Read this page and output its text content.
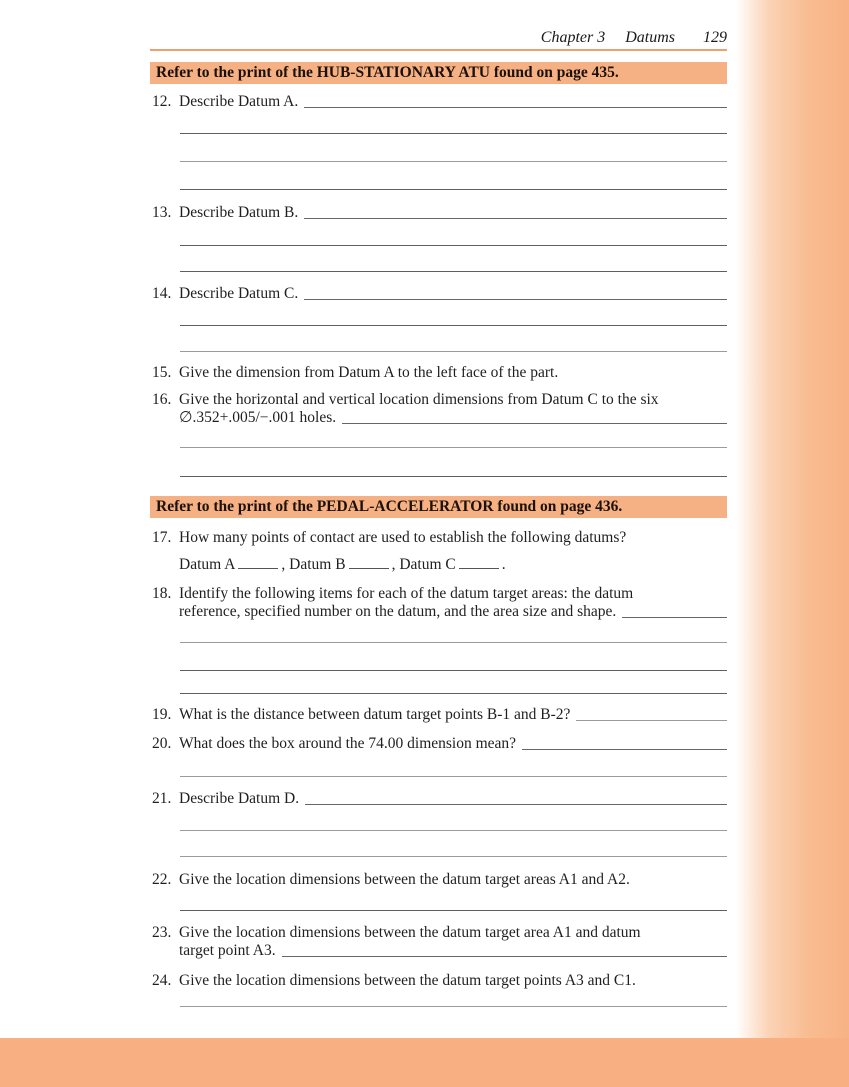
Chapter 3 Datums 129
Refer to the print of the HUB-STATIONARY ATU found on page 435.
12. Describe Datum A.
13. Describe Datum B.
14. Describe Datum C.
15. Give the dimension from Datum A to the left face of the part.
16. Give the horizontal and vertical location dimensions from Datum C to the six
∅.352+.005/−.001 holes.
Refer to the print of the PEDAL-ACCELERATOR found on page 436.
17. How many points of contact are used to establish the following datums?
Datum A	, Datum B	, Datum C	.
18. Identify the following items for each of the datum target areas: the datum
reference, specified number on the datum, and the area size and shape.
19. What is the distance between datum target points B-1 and B-2?
20. What does the box around the 74.00 dimension mean?
21. Describe Datum D.
22. Give the location dimensions between the datum target areas A1 and A2.
23. Give the location dimensions between the datum target area A1 and datum
target point A3.
24. Give the location dimensions between the datum target points A3 and C1.
